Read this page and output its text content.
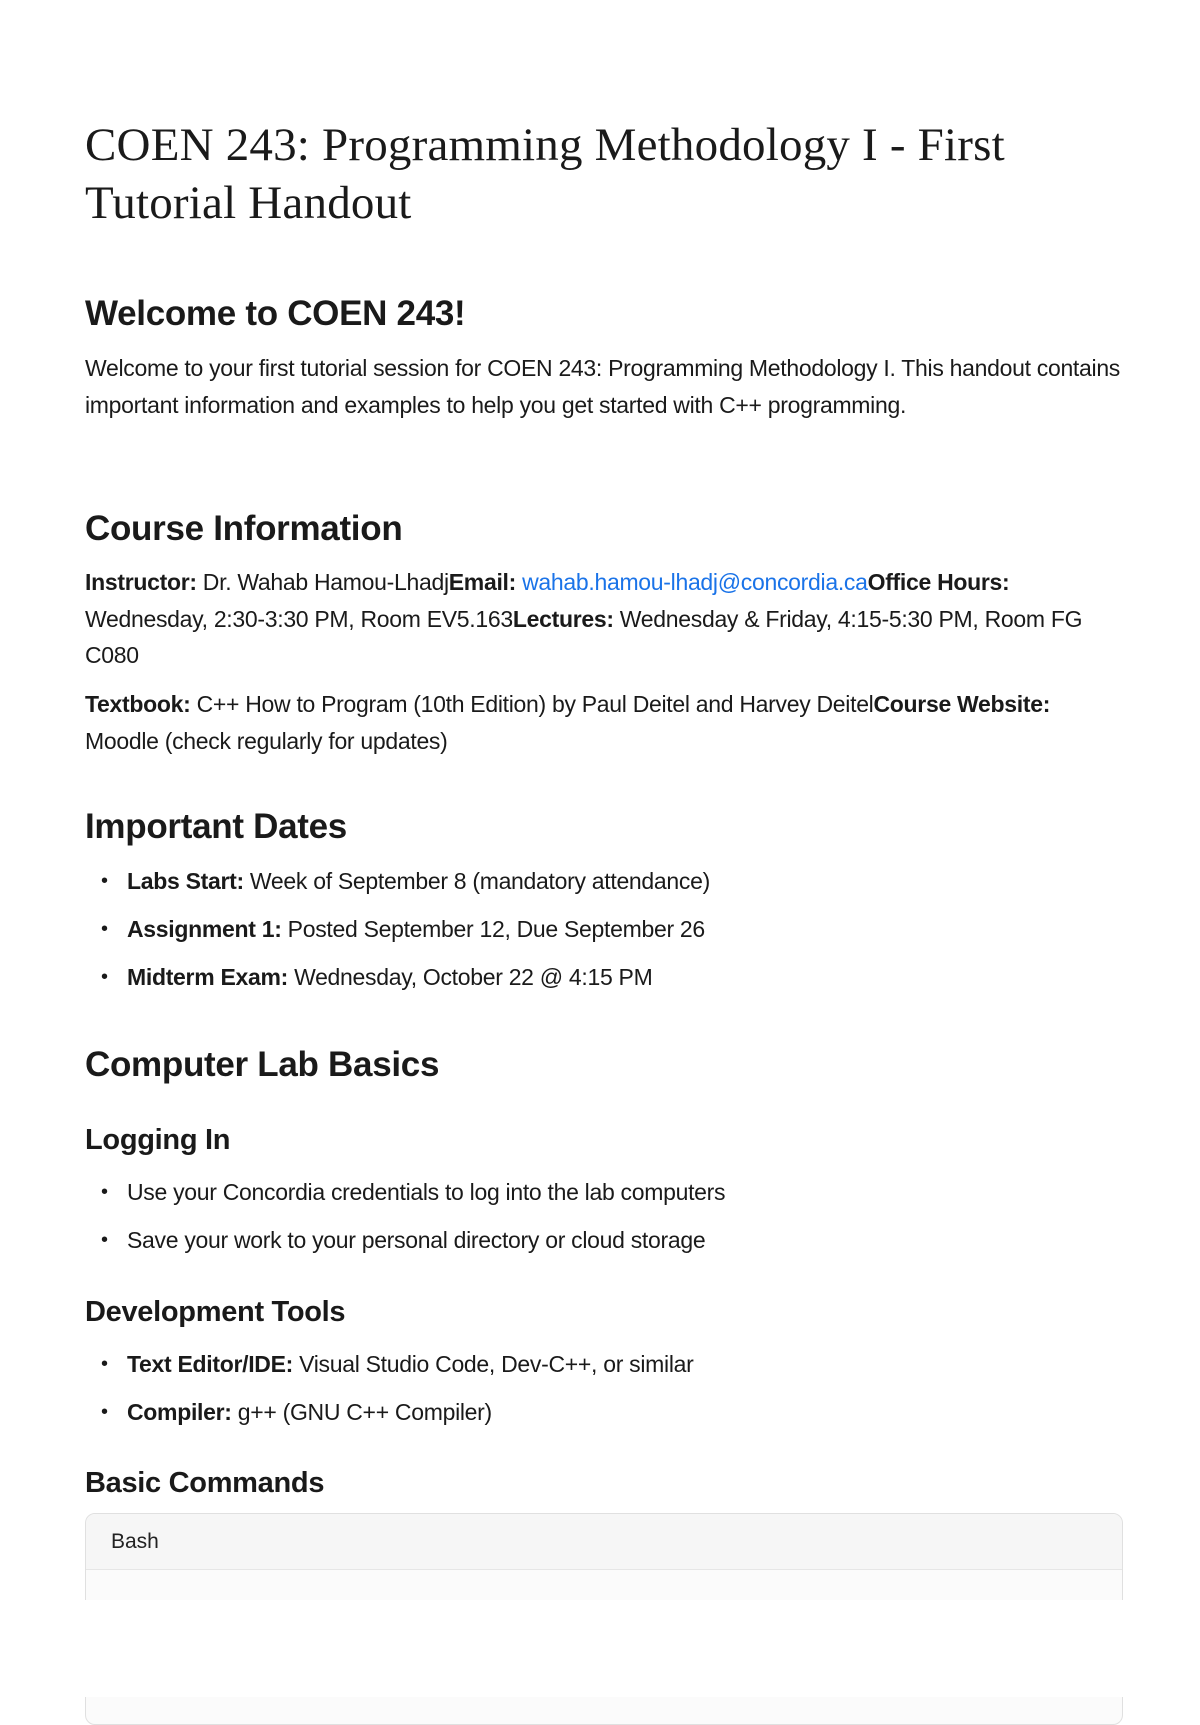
COEN 243: Programming Methodology I - First Tutorial Handout
Welcome to COEN 243!

Welcome to your first tutorial session for COEN 243: Programming Methodology I. This handout contains important information and examples to help you get started with C++ programming.

Course Information

Instructor: Dr. Wahab Hamou-LhadjEmail: wahab.hamou-lhadj@concordia.caOffice Hours: Wednesday, 2:30-3:30 PM, Room EV5.163Lectures: Wednesday & Friday, 4:15-5:30 PM, Room FG C080

Textbook: C++ How to Program (10th Edition) by Paul Deitel and Harvey DeitelCourse Website: Moodle (check regularly for updates)

Important Dates
• Labs Start: Week of September 8 (mandatory attendance)
• Assignment 1: Posted September 12, Due September 26
• Midterm Exam: Wednesday, October 22 @ 4:15 PM
Computer Lab Basics
Logging In
• Use your Concordia credentials to log into the lab computers
• Save your work to your personal directory or cloud storage
Development Tools
• Text Editor/IDE: Visual Studio Code, Dev-C++, or similar
• Compiler: g++ (GNU C++ Compiler)
Basic Commands
Bash
